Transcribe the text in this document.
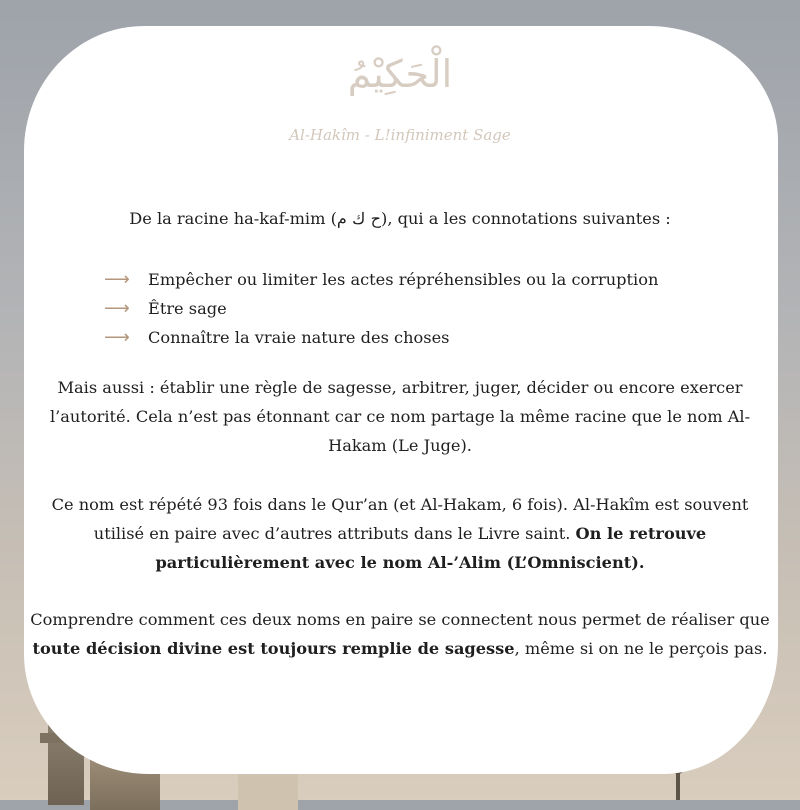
الْحَكِيْمُ
Al-Hakîm - L!infiniment Sage

De la racine ha-kaf-mim (ح ك م), qui a les connotations suivantes :

⟶	Empêcher ou limiter les actes répréhensibles ou la corruption
⟶	Être sage
⟶	Connaître la vraie nature des choses

Mais aussi : établir une règle de sagesse, arbitrer, juger, décider ou encore exercer l’autorité. Cela n’est pas étonnant car ce nom partage la même racine que le nom Al-Hakam (Le Juge).

Ce nom est répété 93 fois dans le Qur’an (et Al-Hakam, 6 fois). Al-Hakîm est souvent utilisé en paire avec d’autres attributs dans le Livre saint. On le retrouve particulièrement avec le nom Al-’Alim (L’Omniscient).

Comprendre comment ces deux noms en paire se connectent nous permet de réaliser que toute décision divine est toujours remplie de sagesse, même si on ne le perçois pas.
